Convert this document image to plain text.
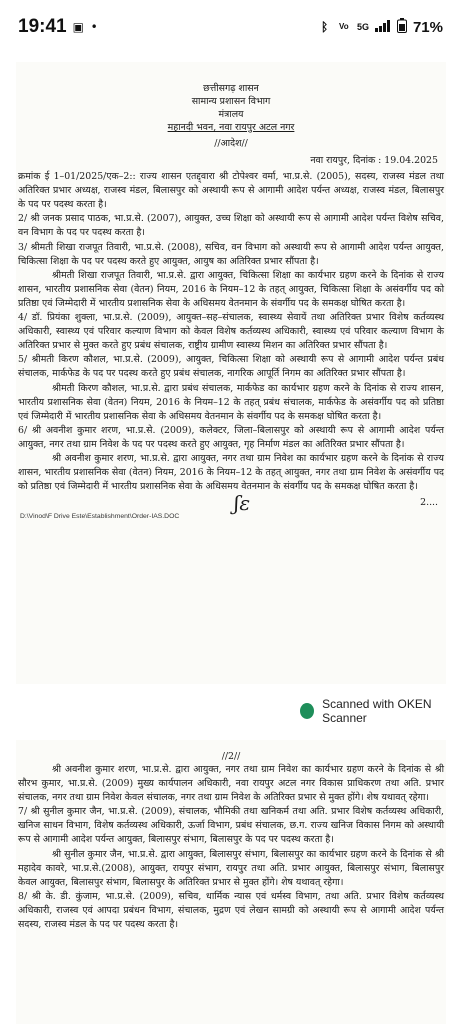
19:41 ▣ •	ᛒ	Vo 5G	71%
छत्तीसगढ़ शासन
सामान्य प्रशासन विभाग
मंत्रालय
महानदी भवन, नवा रायपुर अटल नगर
//आदेश//
नवा रायपुर, दिनांक : 19.04.2025

क्रमांक ई 1–01/2025/एक–2:: राज्य शासन एतद्द्वारा श्री टोपेश्वर वर्मा, भा.प्र.से. (2005), सदस्य, राजस्व मंडल तथा अतिरिक्त प्रभार अध्यक्ष, राजस्व मंडल, बिलासपुर को अस्थायी रूप से आगामी आदेश पर्यन्त अध्यक्ष, राजस्व मंडल, बिलासपुर के पद पर पदस्थ करता है।

2/ श्री जनक प्रसाद पाठक, भा.प्र.से. (2007), आयुक्त, उच्च शिक्षा को अस्थायी रूप से आगामी आदेश पर्यन्त विशेष सचिव, वन विभाग के पद पर पदस्थ करता है।

3/ श्रीमती शिखा राजपूत तिवारी, भा.प्र.से. (2008), सचिव, वन विभाग को अस्थायी रूप से आगामी आदेश पर्यन्त आयुक्त, चिकित्सा शिक्षा के पद पर पदस्थ करते हुए आयुक्त, आयुष का अतिरिक्त प्रभार सौंपता है।

श्रीमती शिखा राजपूत तिवारी, भा.प्र.से. द्वारा आयुक्त, चिकित्सा शिक्षा का कार्यभार ग्रहण करने के दिनांक से राज्य शासन, भारतीय प्रशासनिक सेवा (वेतन) नियम, 2016 के नियम–12 के तहत् आयुक्त, चिकित्सा शिक्षा के असंवर्गीय पद को प्रतिष्ठा एवं जिम्मेदारी में भारतीय प्रशासनिक सेवा के अधिसमय वेतनमान के संवर्गीय पद के समकक्ष घोषित करता है।

4/ डॉ. प्रियंका शुक्ला, भा.प्र.से. (2009), आयुक्त–सह–संचालक, स्वास्थ्य सेवायें तथा अतिरिक्त प्रभार विशेष कर्तव्यस्थ अधिकारी, स्वास्थ्य एवं परिवार कल्याण विभाग को केवल विशेष कर्तव्यस्थ अधिकारी, स्वास्थ्य एवं परिवार कल्याण विभाग के अतिरिक्त प्रभार से मुक्त करते हुए प्रबंध संचालक, राष्ट्रीय ग्रामीण स्वास्थ्य मिशन का अतिरिक्त प्रभार सौंपता है।

5/ श्रीमती किरण कौशल, भा.प्र.से. (2009), आयुक्त, चिकित्सा शिक्षा को अस्थायी रूप से आगामी आदेश पर्यन्त प्रबंध संचालक, मार्कफेड के पद पर पदस्थ करते हुए प्रबंध संचालक, नागरिक आपूर्ति निगम का अतिरिक्त प्रभार सौंपता है।

श्रीमती किरण कौशल, भा.प्र.से. द्वारा प्रबंध संचालक, मार्कफेड का कार्यभार ग्रहण करने के दिनांक से राज्य शासन, भारतीय प्रशासनिक सेवा (वेतन) नियम, 2016 के नियम–12 के तहत् प्रबंध संचालक, मार्कफेड के असंवर्गीय पद को प्रतिष्ठा एवं जिम्मेदारी में भारतीय प्रशासनिक सेवा के अधिसमय वेतनमान के संवर्गीय पद के समकक्ष घोषित करता है।

6/ श्री अवनीश कुमार शरण, भा.प्र.से. (2009), कलेक्टर, जिला–बिलासपुर को अस्थायी रूप से आगामी आदेश पर्यन्त आयुक्त, नगर तथा ग्राम निवेश के पद पर पदस्थ करते हुए आयुक्त, गृह निर्माण मंडल का अतिरिक्त प्रभार सौंपता है।

श्री अवनीश कुमार शरण, भा.प्र.से. द्वारा आयुक्त, नगर तथा ग्राम निवेश का कार्यभार ग्रहण करने के दिनांक से राज्य शासन, भारतीय प्रशासनिक सेवा (वेतन) नियम, 2016 के नियम–12 के तहत् आयुक्त, नगर तथा ग्राम निवेश के असंवर्गीय पद को प्रतिष्ठा एवं जिम्मेदारी में भारतीय प्रशासनिक सेवा के अधिसमय वेतनमान के संवर्गीय पद के समकक्ष घोषित करता है।

ʃɛ	2....
D:\Vinod\F Drive Este\Establishment\Order-IAS.DOC
Scanned with OKEN Scanner
//2//

श्री अवनीश कुमार शरण, भा.प्र.से. द्वारा आयुक्त, नगर तथा ग्राम निवेश का कार्यभार ग्रहण करने के दिनांक से श्री सौरभ कुमार, भा.प्र.से. (2009) मुख्य कार्यपालन अधिकारी, नवा रायपुर अटल नगर विकास प्राधिकरण तथा अति. प्रभार संचालक, नगर तथा ग्राम निवेश केवल संचालक, नगर तथा ग्राम निवेश के अतिरिक्त प्रभार से मुक्त होंगे। शेष यथावत् रहेगा।

7/ श्री सुनील कुमार जैन, भा.प्र.से. (2009), संचालक, भौमिकी तथा खनिकर्म तथा अति. प्रभार विशेष कर्तव्यस्थ अधिकारी, खनिज साधन विभाग, विशेष कर्तव्यस्थ अधिकारी, ऊर्जा विभाग, प्रबंध संचालक, छ.ग. राज्य खनिज विकास निगम को अस्थायी रूप से आगामी आदेश पर्यन्त आयुक्त, बिलासपुर संभाग, बिलासपुर के पद पर पदस्थ करता है।

श्री सुनील कुमार जैन, भा.प्र.से. द्वारा आयुक्त, बिलासपुर संभाग, बिलासपुर का कार्यभार ग्रहण करने के दिनांक से श्री महादेव कावरे, भा.प्र.से.(2008), आयुक्त, रायपुर संभाग, रायपुर तथा अति. प्रभार आयुक्त, बिलासपुर संभाग, बिलासपुर केवल आयुक्त, बिलासपुर संभाग, बिलासपुर के अतिरिक्त प्रभार से मुक्त होंगे। शेष यथावत् रहेगा।

8/ श्री के. डी. कुंजाम, भा.प्र.से. (2009), सचिव, धार्मिक न्यास एवं धर्मस्व विभाग, तथा अति. प्रभार विशेष कर्तव्यस्थ अधिकारी, राजस्व एवं आपदा प्रबंधन विभाग, संचालक, मुद्रण एवं लेखन सामग्री को अस्थायी रूप से आगामी आदेश पर्यन्त सदस्य, राजस्व मंडल के पद पर पदस्थ करता है।
